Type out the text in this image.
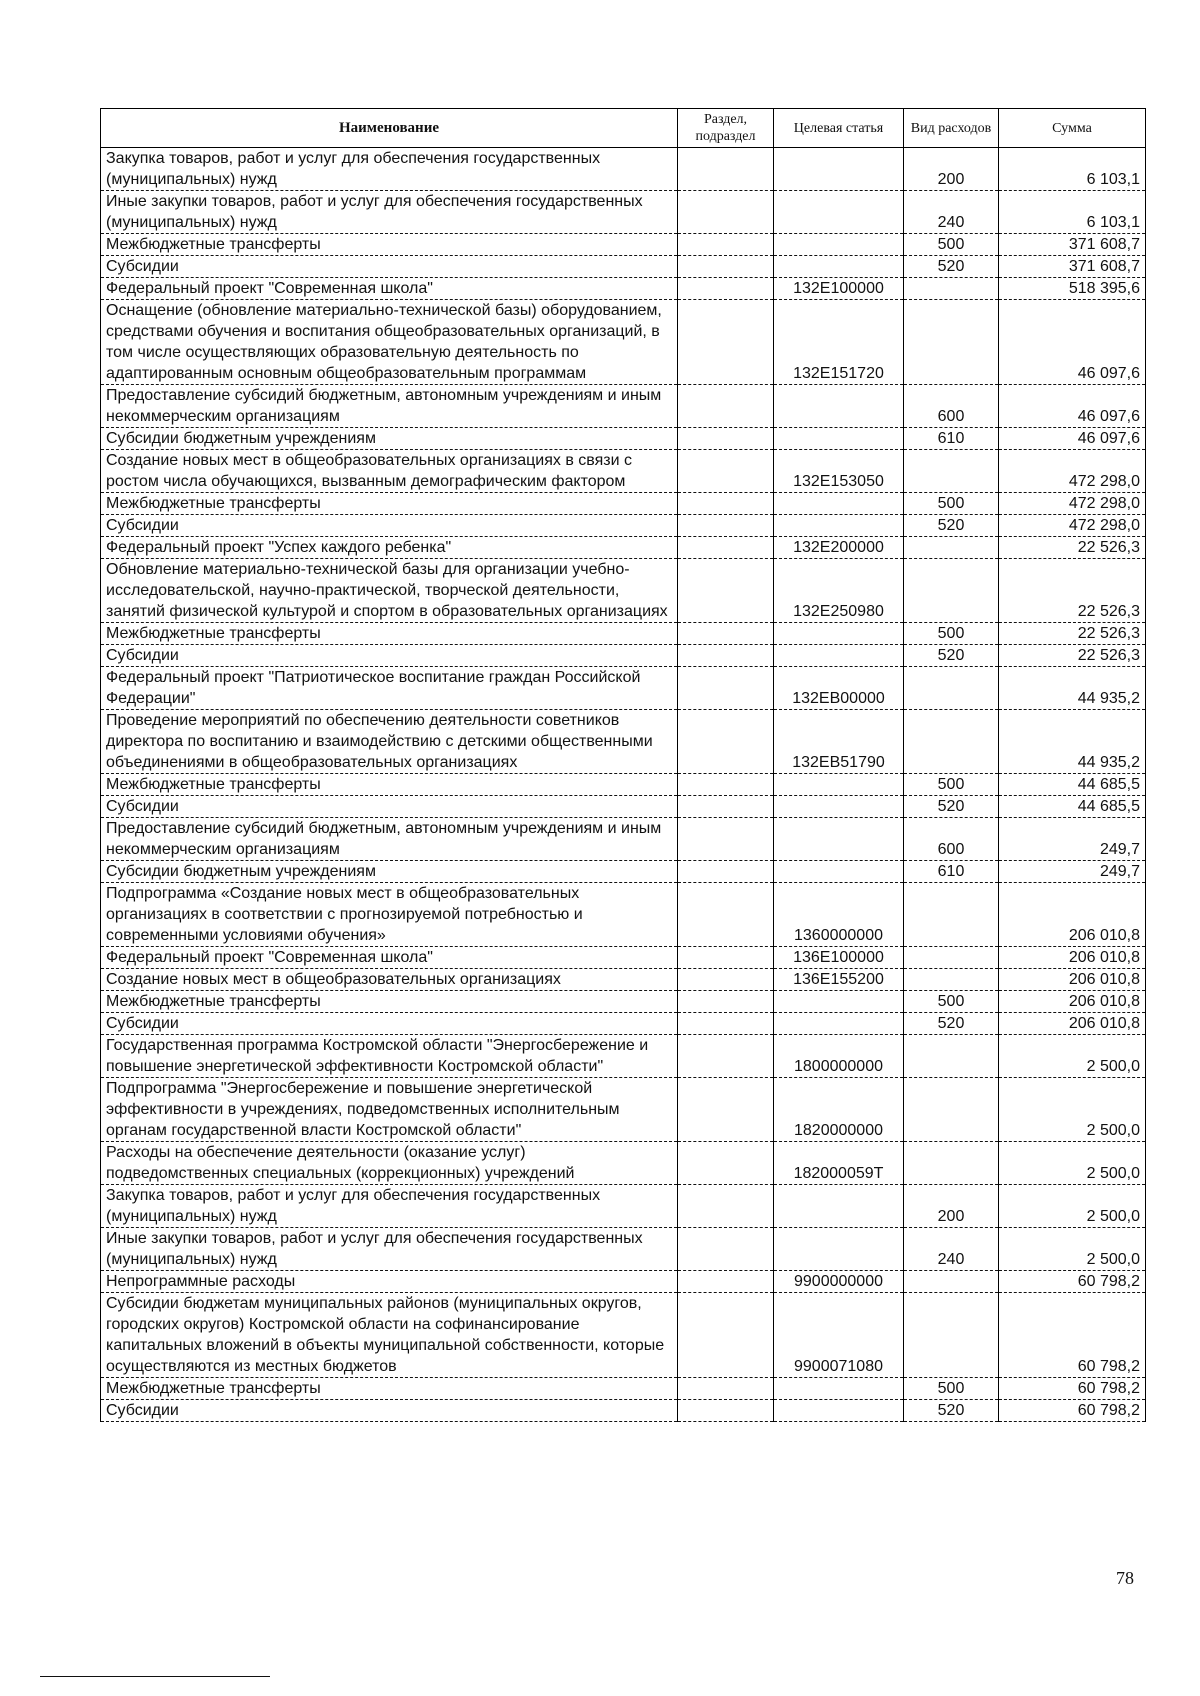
Наименование	Раздел, подраздел	Целевая статья	Вид расходов	Сумма
Закупка товаров, работ и услуг для обеспечения государственных (муниципальных) нужд			200	6 103,1
Иные закупки товаров, работ и услуг для обеспечения государственных (муниципальных) нужд			240	6 103,1
Межбюджетные трансферты			500	371 608,7
Субсидии			520	371 608,7
Федеральный проект "Современная школа"		132E100000		518 395,6
Оснащение (обновление материально-технической базы) оборудованием, средствами обучения и воспитания общеобразовательных организаций, в том числе осуществляющих образовательную деятельность по адаптированным основным общеобразовательным программам		132E151720		46 097,6
Предоставление субсидий бюджетным, автономным учреждениям и иным некоммерческим организациям			600	46 097,6
Субсидии бюджетным учреждениям			610	46 097,6
Создание новых мест в общеобразовательных организациях в связи с ростом числа обучающихся, вызванным демографическим фактором		132E153050		472 298,0
Межбюджетные трансферты			500	472 298,0
Субсидии			520	472 298,0
Федеральный проект "Успех каждого ребенка"		132E200000		22 526,3
Обновление материально-технической базы для организации учебно-исследовательской, научно-практической, творческой деятельности, занятий физической культурой и спортом в образовательных организациях		132E250980		22 526,3
Межбюджетные трансферты			500	22 526,3
Субсидии			520	22 526,3
Федеральный проект "Патриотическое воспитание граждан Российской Федерации"		132EB00000		44 935,2
Проведение мероприятий по обеспечению деятельности советников директора по воспитанию и взаимодействию с детскими общественными объединениями в общеобразовательных организациях		132EB51790		44 935,2
Межбюджетные трансферты			500	44 685,5
Субсидии			520	44 685,5
Предоставление субсидий бюджетным, автономным учреждениям и иным некоммерческим организациям			600	249,7
Субсидии бюджетным учреждениям			610	249,7
Подпрограмма «Создание новых мест в общеобразовательных организациях в соответствии с прогнозируемой потребностью и современными условиями обучения»		1360000000		206 010,8
Федеральный проект "Современная школа"		136E100000		206 010,8
Создание новых мест в общеобразовательных организациях		136E155200		206 010,8
Межбюджетные трансферты			500	206 010,8
Субсидии			520	206 010,8
Государственная программа Костромской области "Энергосбережение и повышение энергетической эффективности Костромской области"		1800000000		2 500,0
Подпрограмма "Энергосбережение и повышение энергетической эффективности в учреждениях, подведомственных исполнительным органам государственной власти Костромской области"		1820000000		2 500,0
Расходы на обеспечение деятельности (оказание услуг) подведомственных специальных (коррекционных) учреждений		182000059T		2 500,0
Закупка товаров, работ и услуг для обеспечения государственных (муниципальных) нужд			200	2 500,0
Иные закупки товаров, работ и услуг для обеспечения государственных (муниципальных) нужд			240	2 500,0
Непрограммные расходы		9900000000		60 798,2
Субсидии бюджетам муниципальных районов (муниципальных округов, городских округов) Костромской области на софинансирование капитальных вложений в объекты муниципальной собственности, которые осуществляются из местных бюджетов		9900071080		60 798,2
Межбюджетные трансферты			500	60 798,2
Субсидии			520	60 798,2
78
